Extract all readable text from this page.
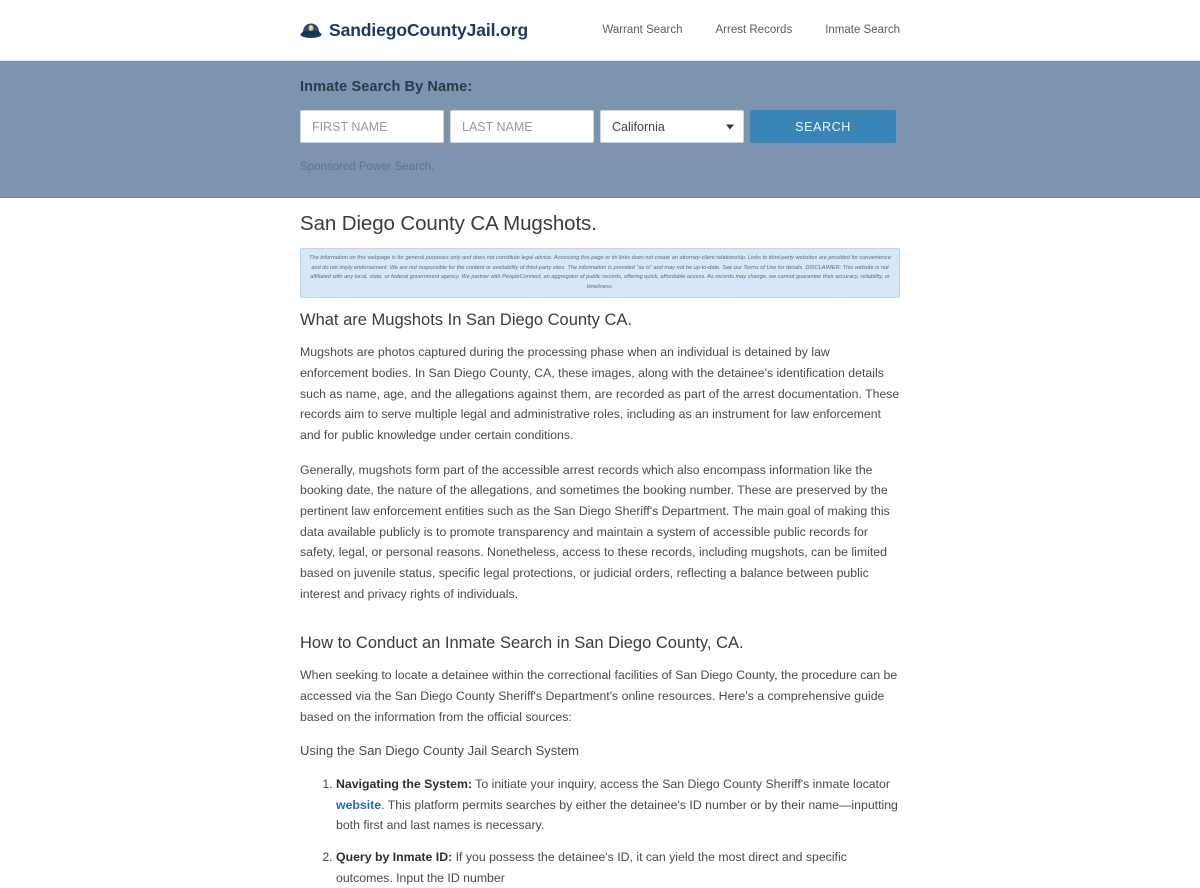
SandiegoCountyJail.org	Warrant Search	Arrest Records	Inmate Search
Inmate Search By Name:
FIRST NAME
LAST NAME
California	SEARCH
Sponsored Power Search.
San Diego County CA Mugshots.
The information on this webpage is for general purposes only and does not constitute legal advice. Accessing this page or its links does not create an attorney-client relationship. Links to third-party websites are provided for convenience and do not imply endorsement. We are not responsible for the content or availability of third-party sites. The information is provided "as is" and may not be up-to-date. See our Terms of Use for details. DISCLAIMER: This website is not affiliated with any local, state, or federal government agency. We partner with PeopleConnect, an aggregator of public records, offering quick, affordable access. As records may change, we cannot guarantee their accuracy, reliability, or timeliness.
What are Mugshots In San Diego County CA.

Mugshots are photos captured during the processing phase when an individual is detained by law enforcement bodies. In San Diego County, CA, these images, along with the detainee's identification details such as name, age, and the allegations against them, are recorded as part of the arrest documentation. These records aim to serve multiple legal and administrative roles, including as an instrument for law enforcement and for public knowledge under certain conditions.

Generally, mugshots form part of the accessible arrest records which also encompass information like the booking date, the nature of the allegations, and sometimes the booking number. These are preserved by the pertinent law enforcement entities such as the San Diego Sheriff's Department. The main goal of making this data available publicly is to promote transparency and maintain a system of accessible public records for safety, legal, or personal reasons. Nonetheless, access to these records, including mugshots, can be limited based on juvenile status, specific legal protections, or judicial orders, reflecting a balance between public interest and privacy rights of individuals.

How to Conduct an Inmate Search in San Diego County, CA.

When seeking to locate a detainee within the correctional facilities of San Diego County, the procedure can be accessed via the San Diego County Sheriff's Department's online resources. Here's a comprehensive guide based on the information from the official sources:

Using the San Diego County Jail Search System

1. Navigating the System: To initiate your inquiry, access the San Diego County Sheriff's inmate locator website. This platform permits searches by either the detainee's ID number or by their name—inputting both first and last names is necessary.
2. Query by Inmate ID: If you possess the detainee's ID, it can yield the most direct and specific outcomes. Input the ID number
